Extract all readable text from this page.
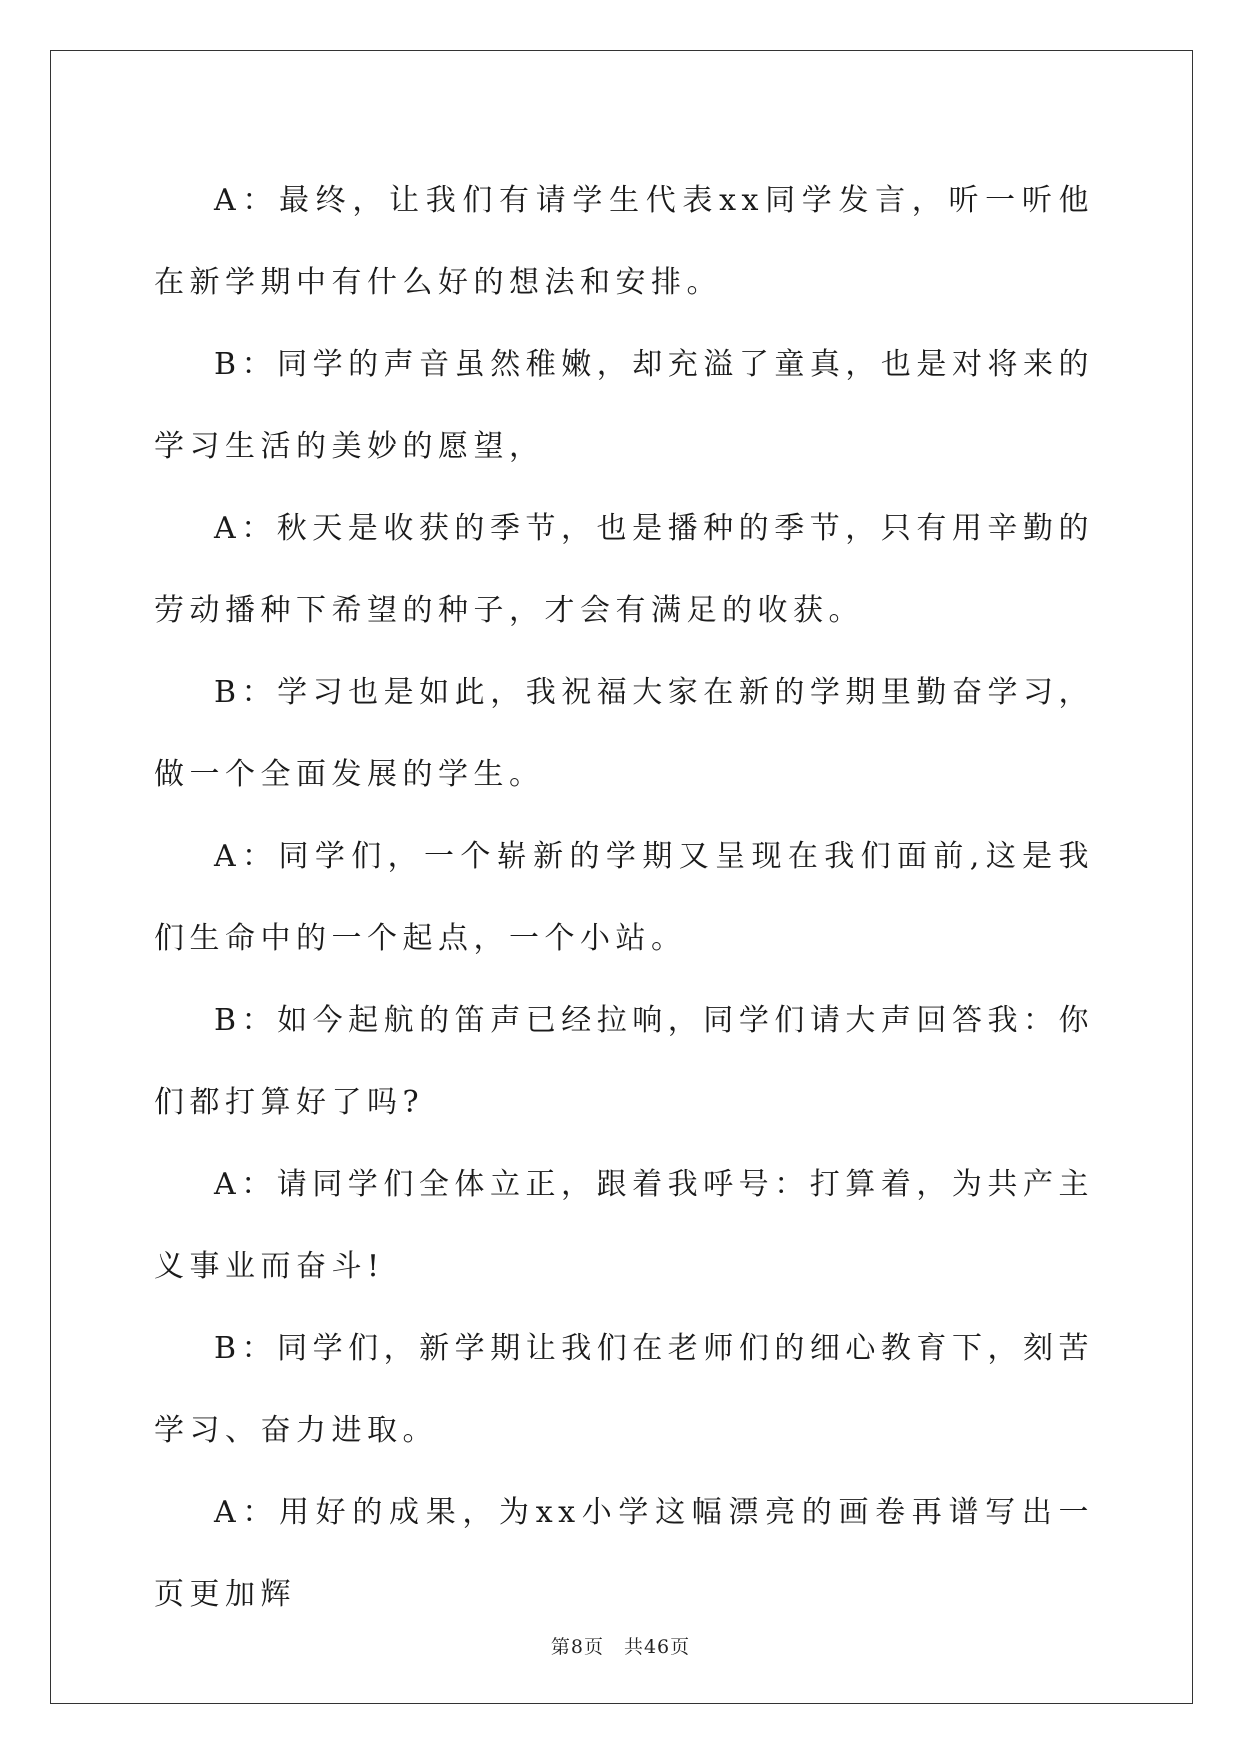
A：最终，让我们有请学生代表xx同学发言，听一听他在新学期中有什么好的想法和安排。

B：同学的声音虽然稚嫩，却充溢了童真，也是对将来的学习生活的美妙的愿望，

A：秋天是收获的季节，也是播种的季节，只有用辛勤的劳动播种下希望的种子，才会有满足的收获。

B：学习也是如此，我祝福大家在新的学期里勤奋学习，做一个全面发展的学生。

A：同学们，一个崭新的学期又呈现在我们面前,这是我们生命中的一个起点，一个小站。

B：如今起航的笛声已经拉响，同学们请大声回答我：你们都打算好了吗?

A：请同学们全体立正，跟着我呼号：打算着，为共产主义事业而奋斗!

B：同学们，新学期让我们在老师们的细心教育下，刻苦学习、奋力进取。

A：用好的成果，为xx小学这幅漂亮的画卷再谱写出一页更加辉

第8页　共46页
